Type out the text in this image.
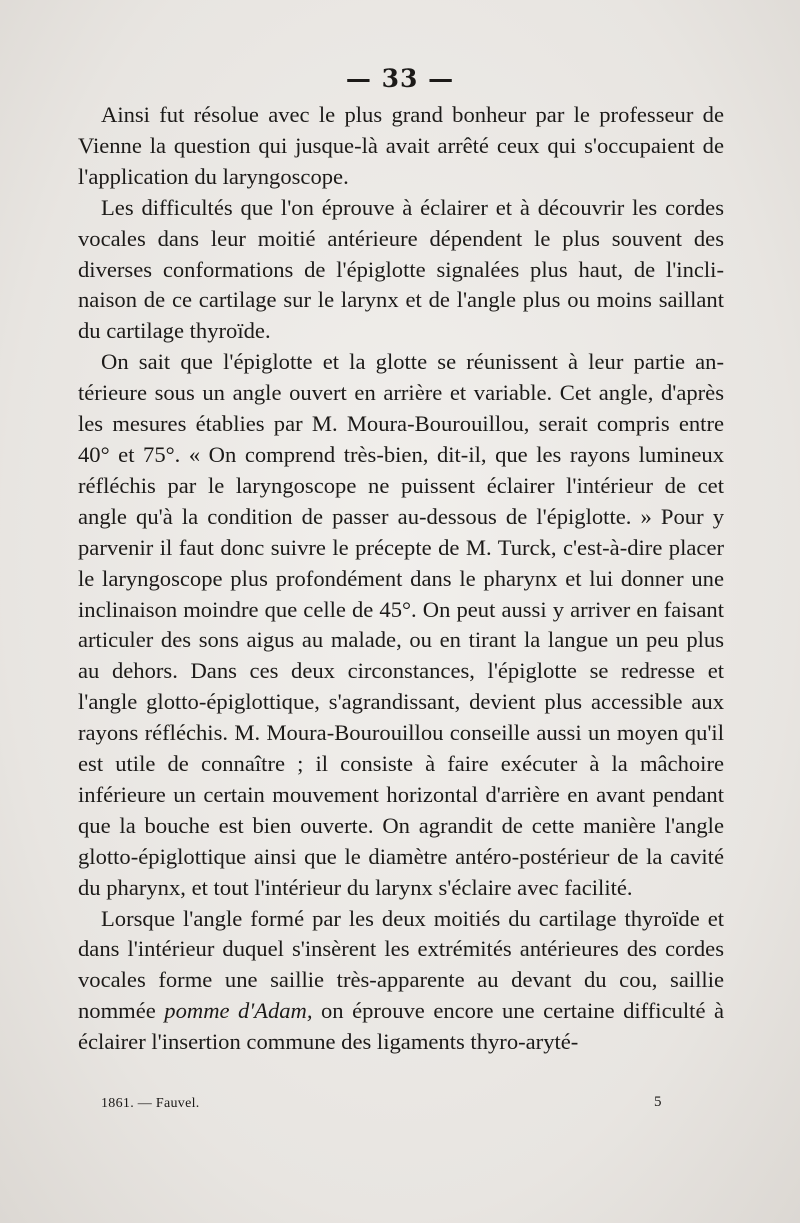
— 33 —

Ainsi fut résolue avec le plus grand bonheur par le professeur de Vienne la question qui jusque-là avait arrêté ceux qui s'occupaient de l'application du laryngoscope.

Les difficultés que l'on éprouve à éclairer et à découvrir les cordes vocales dans leur moitié antérieure dépendent le plus souvent des diverses conformations de l'épiglotte signalées plus haut, de l'inclinaison de ce cartilage sur le larynx et de l'angle plus ou moins saillant du cartilage thyroïde.

On sait que l'épiglotte et la glotte se réunissent à leur partie antérieure sous un angle ouvert en arrière et variable. Cet angle, d'après les mesures établies par M. Moura-Bourouillou, serait compris entre 40° et 75°. « On comprend très-bien, dit-il, que les rayons lumineux réfléchis par le laryngoscope ne puissent éclairer l'intérieur de cet angle qu'à la condition de passer au-dessous de l'épiglotte. » Pour y parvenir il faut donc suivre le précepte de M. Turck, c'est-à-dire placer le laryngoscope plus profondément dans le pharynx et lui donner une inclinaison moindre que celle de 45°. On peut aussi y arriver en faisant articuler des sons aigus au malade, ou en tirant la langue un peu plus au dehors. Dans ces deux circonstances, l'épiglotte se redresse et l'angle glotto-épiglottique, s'agrandissant, devient plus accessible aux rayons réfléchis. M. Moura-Bourouillou conseille aussi un moyen qu'il est utile de connaître ; il consiste à faire exécuter à la mâchoire inférieure un certain mouvement horizontal d'arrière en avant pendant que la bouche est bien ouverte. On agrandit de cette manière l'angle glotto-épiglottique ainsi que le diamètre antéro-postérieur de la cavité du pharynx, et tout l'intérieur du larynx s'éclaire avec facilité.

Lorsque l'angle formé par les deux moitiés du cartilage thyroïde et dans l'intérieur duquel s'insèrent les extrémités antérieures des cordes vocales forme une saillie très-apparente au devant du cou, saillie nommée pomme d'Adam, on éprouve encore une certaine difficulté à éclairer l'insertion commune des ligaments thyro-aryté-

1861. — Fauvel.	5
